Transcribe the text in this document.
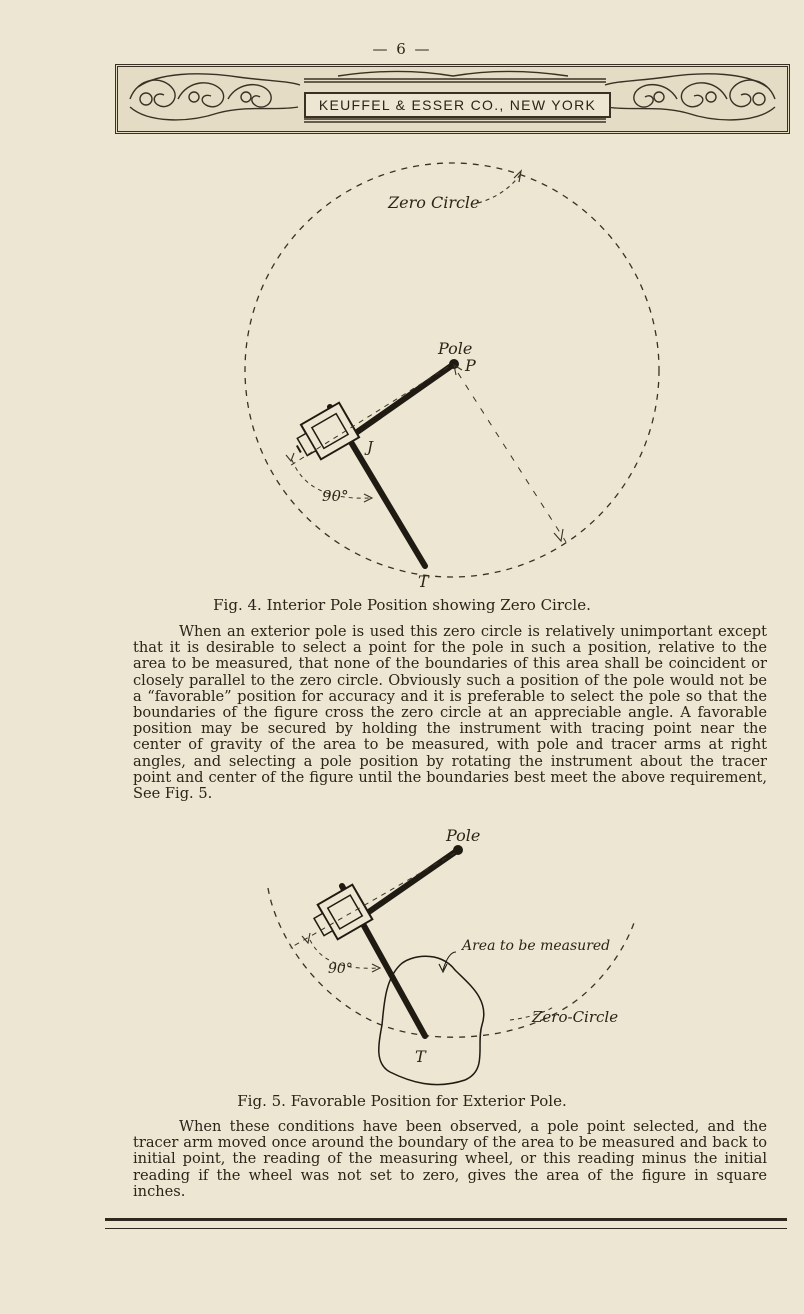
— 6 —
KEUFFEL & ESSER CO., NEW YORK
Zero Circle
90°
Pole
P
J
T
Fig. 4. Interior Pole Position showing Zero Circle.

When an exterior pole is used this zero circle is relatively unimportant except that it is desirable to select a point for the pole in such a position, relative to the area to be measured, that none of the boundaries of this area shall be coincident or closely parallel to the zero circle. Obviously such a position of the pole would not be a “favorable” position for accuracy and it is preferable to select the pole so that the boundaries of the figure cross the zero circle at an appreciable angle. A favorable position may be secured by holding the instrument with tracing point near the center of gravity of the area to be measured, with pole and tracer arms at right angles, and selecting a pole position by rotating the instrument about the tracer point and center of the figure until the boundaries best meet the above requirement, See Fig. 5.

Pole
Area to be measured
90°
Zero-Circle
T
Fig. 5. Favorable Position for Exterior Pole.

When these conditions have been observed, a pole point selected, and the tracer arm moved once around the boundary of the area to be measured and back to initial point, the reading of the measuring wheel, or this reading minus the initial reading if the wheel was not set to zero, gives the area of the figure in square inches.
